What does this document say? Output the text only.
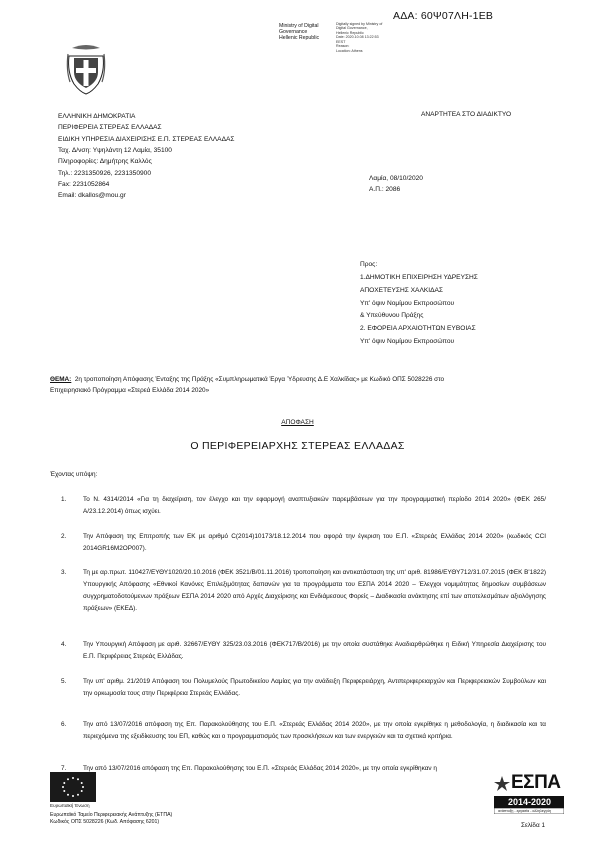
ΑΔΑ: 60Ψ07ΛΗ-1ΕΒ
Ministry of Digital
Governance
Hellenic Republic
Digitally signed by Ministry of
Digital Governance,
Hellenic Republic
Date: 2020.10.08 13:22:53
EEST
Reason:
Location: Athens
ΕΛΛΗΝΙΚΗ ΔΗΜΟΚΡΑΤΙΑ
ΠΕΡΙΦΕΡΕΙΑ ΣΤΕΡΕΑΣ ΕΛΛΑΔΑΣ
ΕΙΔΙΚΗ ΥΠΗΡΕΣΙΑ ΔΙΑΧΕΙΡΙΣΗΣ Ε.Π. ΣΤΕΡΕΑΣ ΕΛΛΑΔΑΣ
Ταχ. Δ/νση: Υψηλάντη 12 Λαμία, 35100
Πληροφορίες: Δημήτρης Καλλός
Τηλ.: 2231350926, 2231350900
Fax: 2231052864
Email: dkallos@mou.gr
ΑΝΑΡΤΗΤΕΑ ΣΤΟ ΔΙΑΔΙΚΤΥΟ
Λαμία, 08/10/2020
Α.Π.: 2086
Προς:
1.ΔΗΜΟΤΙΚΗ ΕΠΙΧΕΙΡΗΣΗ ΥΔΡΕΥΣΗΣ
ΑΠΟΧΕΤΕΥΣΗΣ ΧΑΛΚΙΔΑΣ
Υπ' όψιν Νομίμου Εκπροσώπου
& Υπεύθυνου Πράξης
2. ΕΦΟΡΕΙΑ ΑΡΧΑΙΟΤΗΤΩΝ ΕΥΒΟΙΑΣ
Υπ' όψιν Νομίμου Εκπροσώπου

ΘΕΜΑ: 2η τροποποίηση Απόφασης Ένταξης της Πράξης «Συμπληρωματικά Έργα Ύδρευσης Δ.Ε Χαλκίδας» με Κωδικό ΟΠΣ 5028226 στο

Επιχειρησιακό Πρόγραμμα «Στερεά Ελλάδα 2014 2020»

ΑΠΟΦΑΣΗ
Ο ΠΕΡΙΦΕΡΕΙΑΡΧΗΣ ΣΤΕΡΕΑΣ ΕΛΛΑΔΑΣ
Έχοντας υπόψη:
1.	Το Ν. 4314/2014 «Για τη διαχείριση, τον έλεγχο και την εφαρμογή αναπτυξιακών παρεμβάσεων για την προγραμματική περίοδο 2014 2020» (ΦΕΚ 265/Α/23.12.2014) όπως ισχύει.
2.	Την Απόφαση της Επιτροπής των ΕΚ με αριθμό C(2014)10173/18.12.2014 που αφορά την έγκριση του Ε.Π. «Στερεάς Ελλάδας 2014 2020» (κωδικός CCI 2014GR16M2OP007).
3.	Τη με αρ.πρωτ. 110427/ΕΥΘΥ1020/20.10.2016 (ΦΕΚ 3521/Β/01.11.2016) τροποποίηση και αντικατάσταση της υπ' αριθ. 81986/ΕΥΘΥ712/31.07.2015 (ΦΕΚ Β'1822) Υπουργικής Απόφασης «Εθνικοί Κανόνες Επιλεξιμότητας δαπανών για τα προγράμματα του ΕΣΠΑ 2014 2020 – Έλεγχοι νομιμότητας δημοσίων συμβάσεων συγχρηματοδοτούμενων πράξεων ΕΣΠΑ 2014 2020 από Αρχές Διαχείρισης και Ενδιάμεσους Φορείς – Διαδικασία ανάκτησης επί των αποτελεσμάτων αξιολόγησης πράξεων» (ΕΚΕΔ).
4.	Την Υπουργική Απόφαση με αριθ. 32667/ΕΥΘΥ 325/23.03.2016 (ΦΕΚ717/Β/2016) με την οποία συστάθηκε Αναδιαρθρώθηκε η Ειδική Υπηρεσία Διαχείρισης του Ε.Π. Περιφέρειας Στερεάς Ελλάδας.
5.	Την υπ' αριθμ. 21/2019 Απόφαση του Πολυμελούς Πρωτοδικείου Λαμίας για την ανάδειξη Περιφερειάρχη, Αντιπεριφερειαρχών και Περιφερειακών Συμβούλων και την ορκωμοσία τους στην Περιφέρεια Στερεάς Ελλάδας.
6.	Την από 13/07/2016 απόφαση της Επ. Παρακολούθησης του Ε.Π. «Στερεάς Ελλάδας 2014 2020», με την οποία εγκρίθηκε η μεθοδολογία, η διαδικασία και τα περιεχόμενα της εξειδίκευσης του ΕΠ, καθώς και ο προγραμματισμός των προσκλήσεων και των ενεργειών και τα σχετικά κριτήρια.
7.	Την από 13/07/2016 απόφαση της Επ. Παρακολούθησης του Ε.Π. «Στερεάς Ελλάδας 2014 2020», με την οποία εγκρίθηκαν η
Ευρωπαϊκή Ένωση
Ευρωπαϊκό Ταμείο Περιφερειακής Ανάπτυξης (ΕΤΠΑ)
Κωδικός ΟΠΣ 5028226 (Κωδ. Απόφασης 6201)
ΕΣΠΑ
2014-2020
ανάπτυξη - εργασία - αλληλεγγύη
Σελίδα 1
